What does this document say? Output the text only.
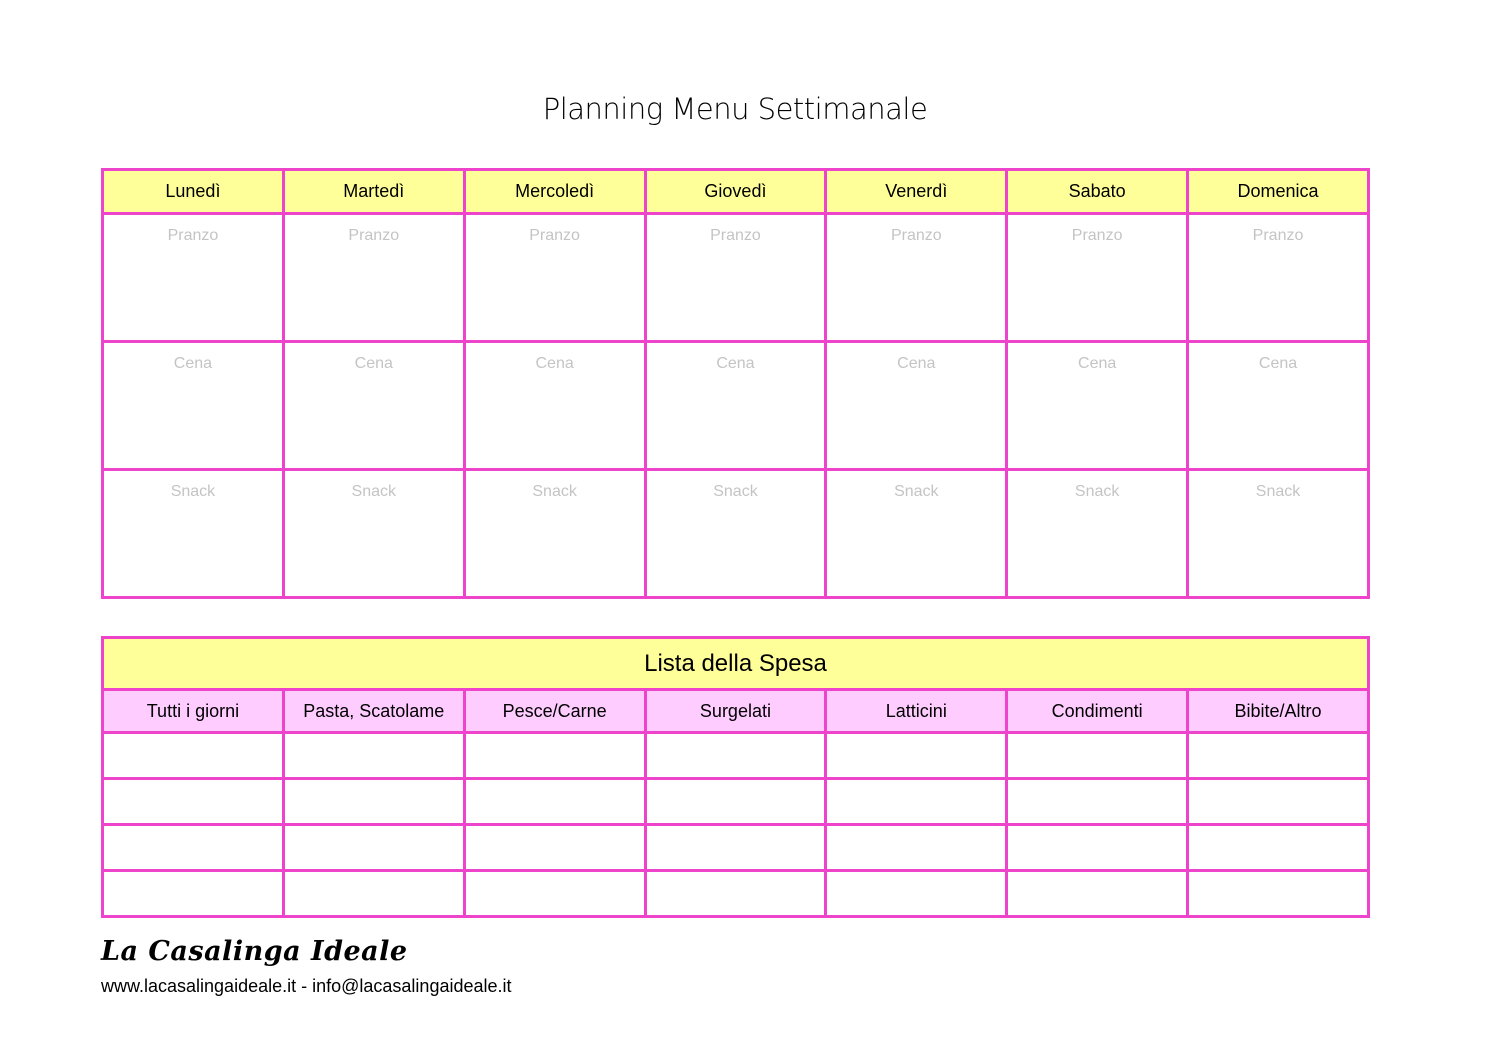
Planning Menu Settimanale
Lunedì	Martedì	Mercoledì	Giovedì	Venerdì	Sabato	Domenica

Pranzo	Pranzo	Pranzo	Pranzo	Pranzo	Pranzo	Pranzo

Cena	Cena	Cena	Cena	Cena	Cena	Cena

Snack	Snack	Snack	Snack	Snack	Snack	Snack
Lista della Spesa						
Tutti i giorni	Pasta, Scatolame	Pesce/Carne	Surgelati	Latticini	Condimenti	Bibite/Altro

La Casalinga Ideale
www.lacasalingaideale.it - info@lacasalingaideale.it
